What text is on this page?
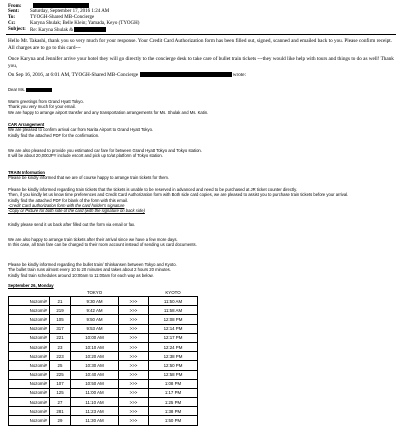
From:
Sent: Saturday, September 17, 2016 1:24 AM
To:	TYOGH-Shared MB-Concierge
Cc:	Karyna Shulak; Belle Klein; Yamada, Keyo (TYOGH)
Subject: Re: Karyna Shulak &
Hello Mr. Takashi, thank you so very much for your response. Your Credit Card Authorization form has been filled out, signed, scanned and emailed back to you. Please confirm receipt. All charges are to go to this card---
Once Karyna and Jennifer arrive your hotel they will go directly to the concierge desk to take care of bullet train tickets ---they would like help with tours and things to do as well! Thank you,
On Sep 16, 2016, at 6:01 AM, TYOGH-Shared MB-Concierge	wrote:
Dear Ms.

Warm greetings from Grand Hyatt Tokyo.

Thank you very much for your email.

We are happy to arrange airport transfer and any transportation arrangements for Ms. Shulak and Ms. Katin.

CAR Arrangement

We are pleased to confirm arrival car from Narita Airport to Grand Hyatt Tokyo.

Kindly find the attached PDF for the confirmation.

We are also pleased to provide you estimated car fare for between Grand Hyatt Tokyo and Tokyo station.

It will be about 20,000JPY include escort and pick up to/at platform of Tokyo station.

TRAIN Information

Please be kindly informed that we are of course happy to arrange train tickets for them.

Please be kindly informed regarding train tickets that the tickets is unable to be reserved in advanced and need to be purchased at JR ticket counter directly.

Then, if you kindly let us know time preferences and Credit Card Authorization form with Both side card copies, we are pleased to assist you to purchase train tickets before your arrival.

Kindly find the attached PDF for blank of the form with this email.

-Credit Card authorization form with the card holder's signature

-Copy or Picture for both side of the card (with the signature on back side)

Kindly please send it us back after filled out the form via email or fax.

We are also happy to arrange train tickets after their arrival since we have a few more days.

In this case, all train fare can be charged to their room account instead of sending us card documents.

Please be kindly informed regarding the bullet train/ Shinkansen between Tokyo and Kyoto.

The bullet train runs almost every 10 to 20 minutes and takes about 2 hours 20 minutes.

Kindly find train schedules around 10:00am to 11:00am for each way as below.

September 26, Monday
		TOKYO		KYOTO
Nozomi#	21	9:30 AM	>>>	11:50 AM
Nozomi#	219	9:42 AM	>>>	11:58 AM
Nozomi#	105	9:50 AM	>>>	12:08 PM
Nozomi#	317	9:53 AM	>>>	12:14 PM
Nozomi#	221	10:00 AM	>>>	12:17 PM
Nozomi#	23	10:10 AM	>>>	12:24 PM
Nozomi#	223	10:20 AM	>>>	12:38 PM
Nozomi#	25	10:30 AM	>>>	12:50 PM
Nozomi#	225	10:40 AM	>>>	12:58 PM
Nozomi#	107	10:50 AM	>>>	1:08 PM
Nozomi#	125	11:00 AM	>>>	1:17 PM
Nozomi#	27	11:10 AM	>>>	1:25 PM
Nozomi#	281	11:23 AM	>>>	1:38 PM
Nozomi#	29	11:30 AM	>>>	1:50 PM
